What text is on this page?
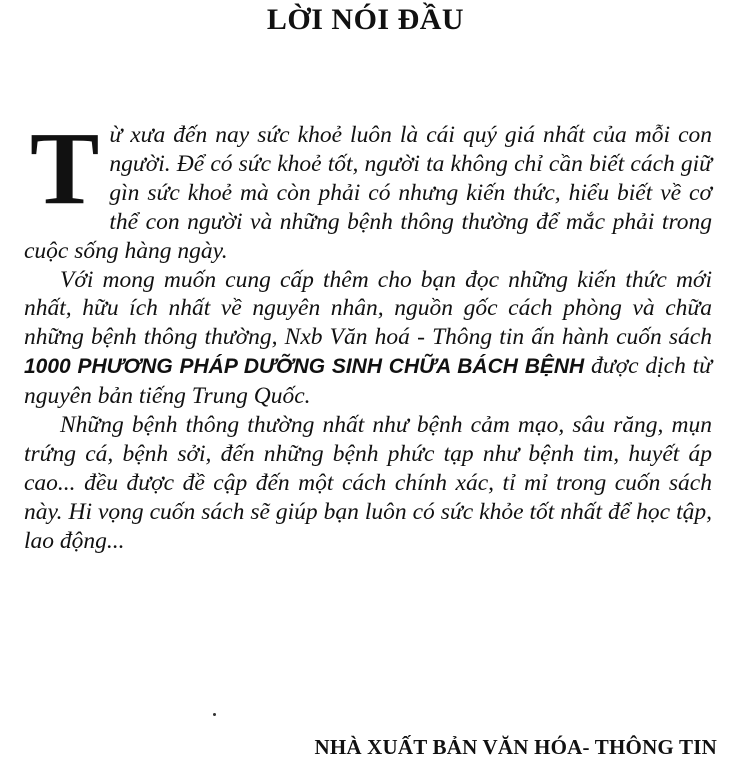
LỜI NÓI ĐẦU

Từ xưa đến nay sức khoẻ luôn là cái quý giá nhất của mỗi con người. Để có sức khoẻ tốt, người ta không chỉ cần biết cách giữ gìn sức khoẻ mà còn phải có nhưng kiến thức, hiểu biết về cơ thể con người và những bệnh thông thường để mắc phải trong cuộc sống hàng ngày.

Với mong muốn cung cấp thêm cho bạn đọc những kiến thức mới nhất, hữu ích nhất về nguyên nhân, nguồn gốc cách phòng và chữa những bệnh thông thường, Nxb Văn hoá - Thông tin ấn hành cuốn sách 1000 PHƯƠNG PHÁP DƯỠNG SINH CHỮA BÁCH BỆNH được dịch từ nguyên bản tiếng Trung Quốc.

Những bệnh thông thường nhất như bệnh cảm mạo, sâu răng, mụn trứng cá, bệnh sởi, đến những bệnh phức tạp như bệnh tim, huyết áp cao... đều được đề cập đến một cách chính xác, tỉ mỉ trong cuốn sách này. Hi vọng cuốn sách sẽ giúp bạn luôn có sức khỏe tốt nhất để học tập, lao động...

NHÀ XUẤT BẢN VĂN HÓA- THÔNG TIN
